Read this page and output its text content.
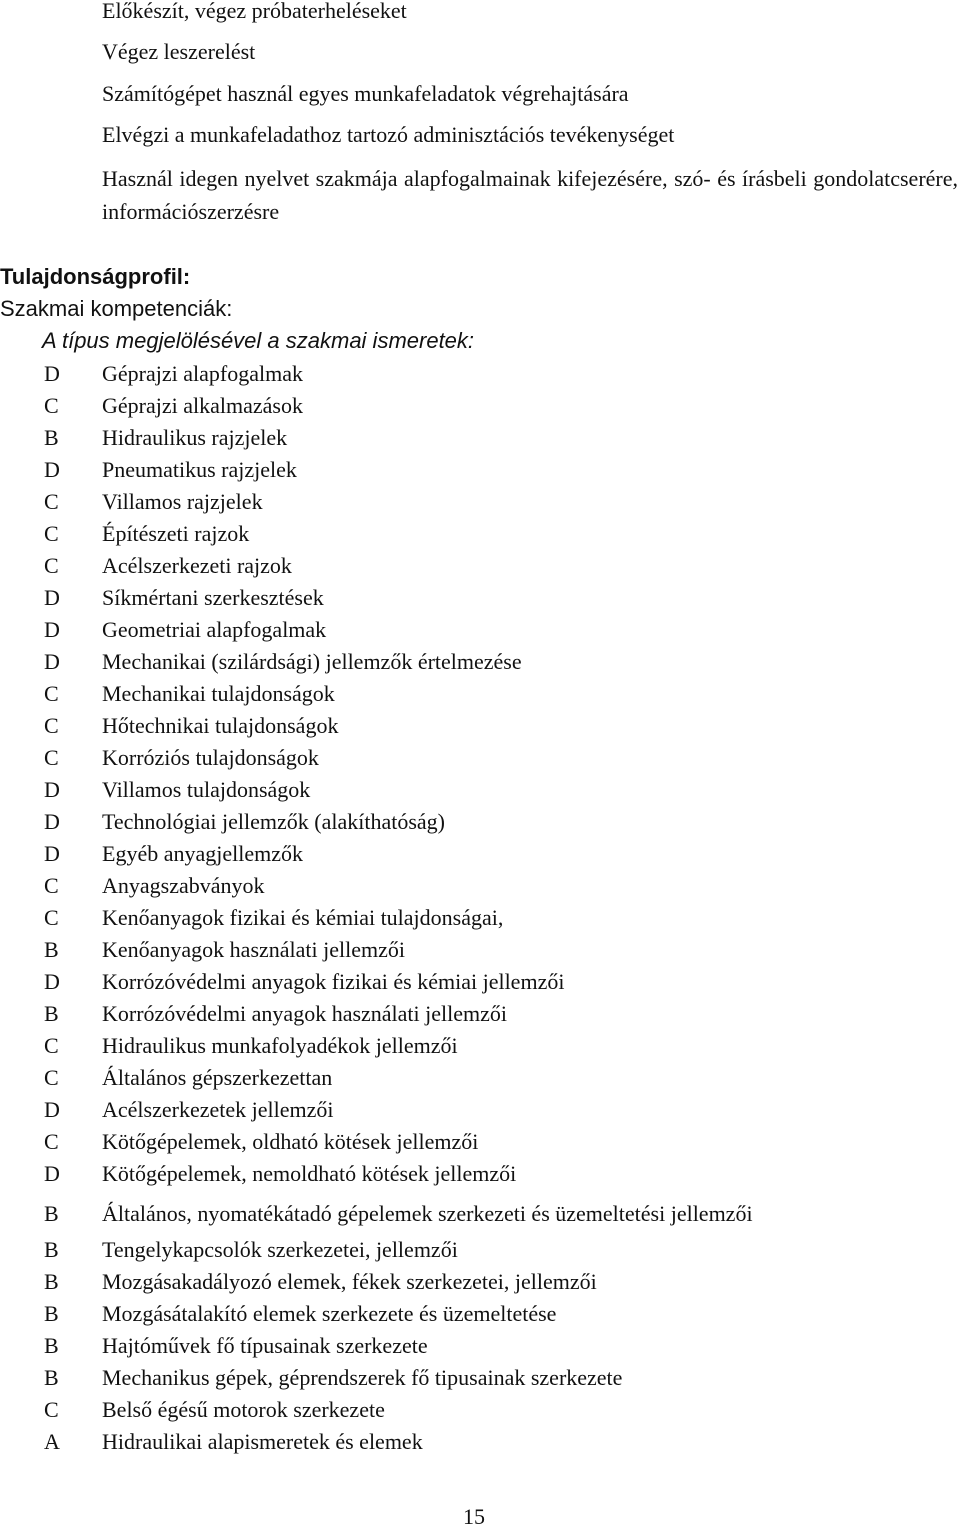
Előkészít, végez próbaterheléseket
Végez leszerelést
Számítógépet használ egyes munkafeladatok végrehajtására
Elvégzi a munkafeladathoz tartozó adminisztációs tevékenységet
Használ idegen nyelvet szakmája alapfogalmainak kifejezésére, szó- és írásbeli gondolatcserére, információszerzésre
Tulajdonságprofil:
Szakmai kompetenciák:
A típus megjelölésével a szakmai ismeretek:
D	Géprajzi alapfogalmak
C	Géprajzi alkalmazások
B	Hidraulikus rajzjelek
D	Pneumatikus rajzjelek
C	Villamos rajzjelek
C	Építészeti rajzok
C	Acélszerkezeti rajzok
D	Síkmértani szerkesztések
D	Geometriai alapfogalmak
D	Mechanikai (szilárdsági) jellemzők értelmezése
C	Mechanikai tulajdonságok
C	Hőtechnikai tulajdonságok
C	Korróziós tulajdonságok
D	Villamos tulajdonságok
D	Technológiai jellemzők (alakíthatóság)
D	Egyéb anyagjellemzők
C	Anyagszabványok
C	Kenőanyagok fizikai és kémiai tulajdonságai,
B	Kenőanyagok használati jellemzői
D	Korrózóvédelmi anyagok fizikai és kémiai jellemzői
B	Korrózóvédelmi anyagok használati jellemzői
C	Hidraulikus munkafolyadékok jellemzői
C	Általános gépszerkezettan
D	Acélszerkezetek jellemzői
C	Kötőgépelemek, oldható kötések jellemzői
D	Kötőgépelemek, nemoldható kötések jellemzői
B	Általános, nyomatékátadó gépelemek szerkezeti és üzemeltetési jellemzői
B	Tengelykapcsolók szerkezetei, jellemzői
B	Mozgásakadályozó elemek, fékek szerkezetei, jellemzői
B	Mozgásátalakító elemek szerkezete és üzemeltetése
B	Hajtóművek fő típusainak szerkezete
B	Mechanikus gépek, géprendszerek fő tipusainak szerkezete
C	Belső égésű motorok szerkezete
A	Hidraulikai alapismeretek és elemek
15
